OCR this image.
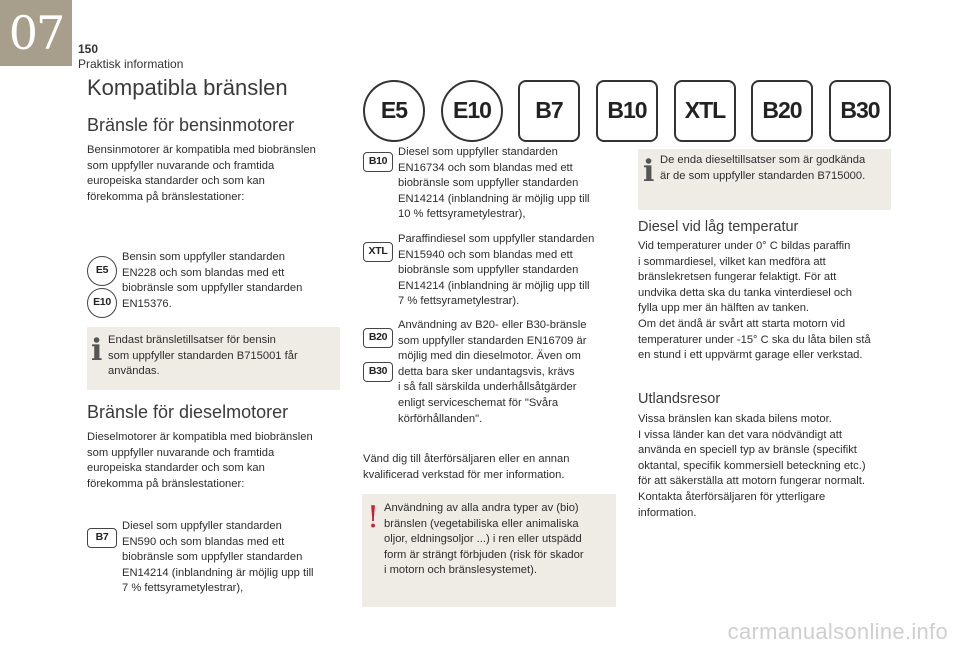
07	150
Praktisk information
Kompatibla bränslen
E5	E10	B7	B10	XTL	B20	B30
Bränsle för bensinmotorer
Bensinmotorer är kompatibla med biobränslen
som uppfyller nuvarande och framtida
europeiska standarder och som kan
förekomma på bränslestationer:
E5
E10
Bensin som uppfyller standarden
EN228 och som blandas med ett
biobränsle som uppfyller standarden
EN15376.
ℹ Endast bränsletillsatser för bensin
som uppfyller standarden B715001 får
användas.
Bränsle för dieselmotorer
Dieselmotorer är kompatibla med biobränslen
som uppfyller nuvarande och framtida
europeiska standarder och som kan
förekomma på bränslestationer:
B7
Diesel som uppfyller standarden
EN590 och som blandas med ett
biobränsle som uppfyller standarden
EN14214 (inblandning är möjlig upp till
7 % fettsyrametylestrar),
B10
Diesel som uppfyller standarden
EN16734 och som blandas med ett
biobränsle som uppfyller standarden
EN14214 (inblandning är möjlig upp till
10 % fettsyrametylestrar),
XTL
Paraffindiesel som uppfyller standarden
EN15940 och som blandas med ett
biobränsle som uppfyller standarden
EN14214 (inblandning är möjlig upp till
7 % fettsyrametylestrar).
B20
B30
Användning av B20- eller B30-bränsle
som uppfyller standarden EN16709 är
möjlig med din dieselmotor. Även om
detta bara sker undantagsvis, krävs
i så fall särskilda underhållsåtgärder
enligt serviceschemat för "Svåra
körförhållanden".
Vänd dig till återförsäljaren eller en annan
kvalificerad verkstad för mer information.
! Användning av alla andra typer av (bio)
bränslen (vegetabiliska eller animaliska
oljor, eldningsoljor ...) i ren eller utspädd
form är strängt förbjuden (risk för skador
i motorn och bränslesystemet).
ℹ De enda dieseltillsatser som är godkända
är de som uppfyller standarden B715000.
Diesel vid låg temperatur
Vid temperaturer under 0° C bildas paraffin
i sommardiesel, vilket kan medföra att
bränslekretsen fungerar felaktigt. För att
undvika detta ska du tanka vinterdiesel och
fylla upp mer än hälften av tanken.
Om det ändå är svårt att starta motorn vid
temperaturer under -15° C ska du låta bilen stå
en stund i ett uppvärmt garage eller verkstad.
Utlandsresor
Vissa bränslen kan skada bilens motor.
I vissa länder kan det vara nödvändigt att
använda en speciell typ av bränsle (specifikt
oktantal, specifik kommersiell beteckning etc.)
för att säkerställa att motorn fungerar normalt.
Kontakta återförsäljaren för ytterligare
information.
carmanualsonline.info
